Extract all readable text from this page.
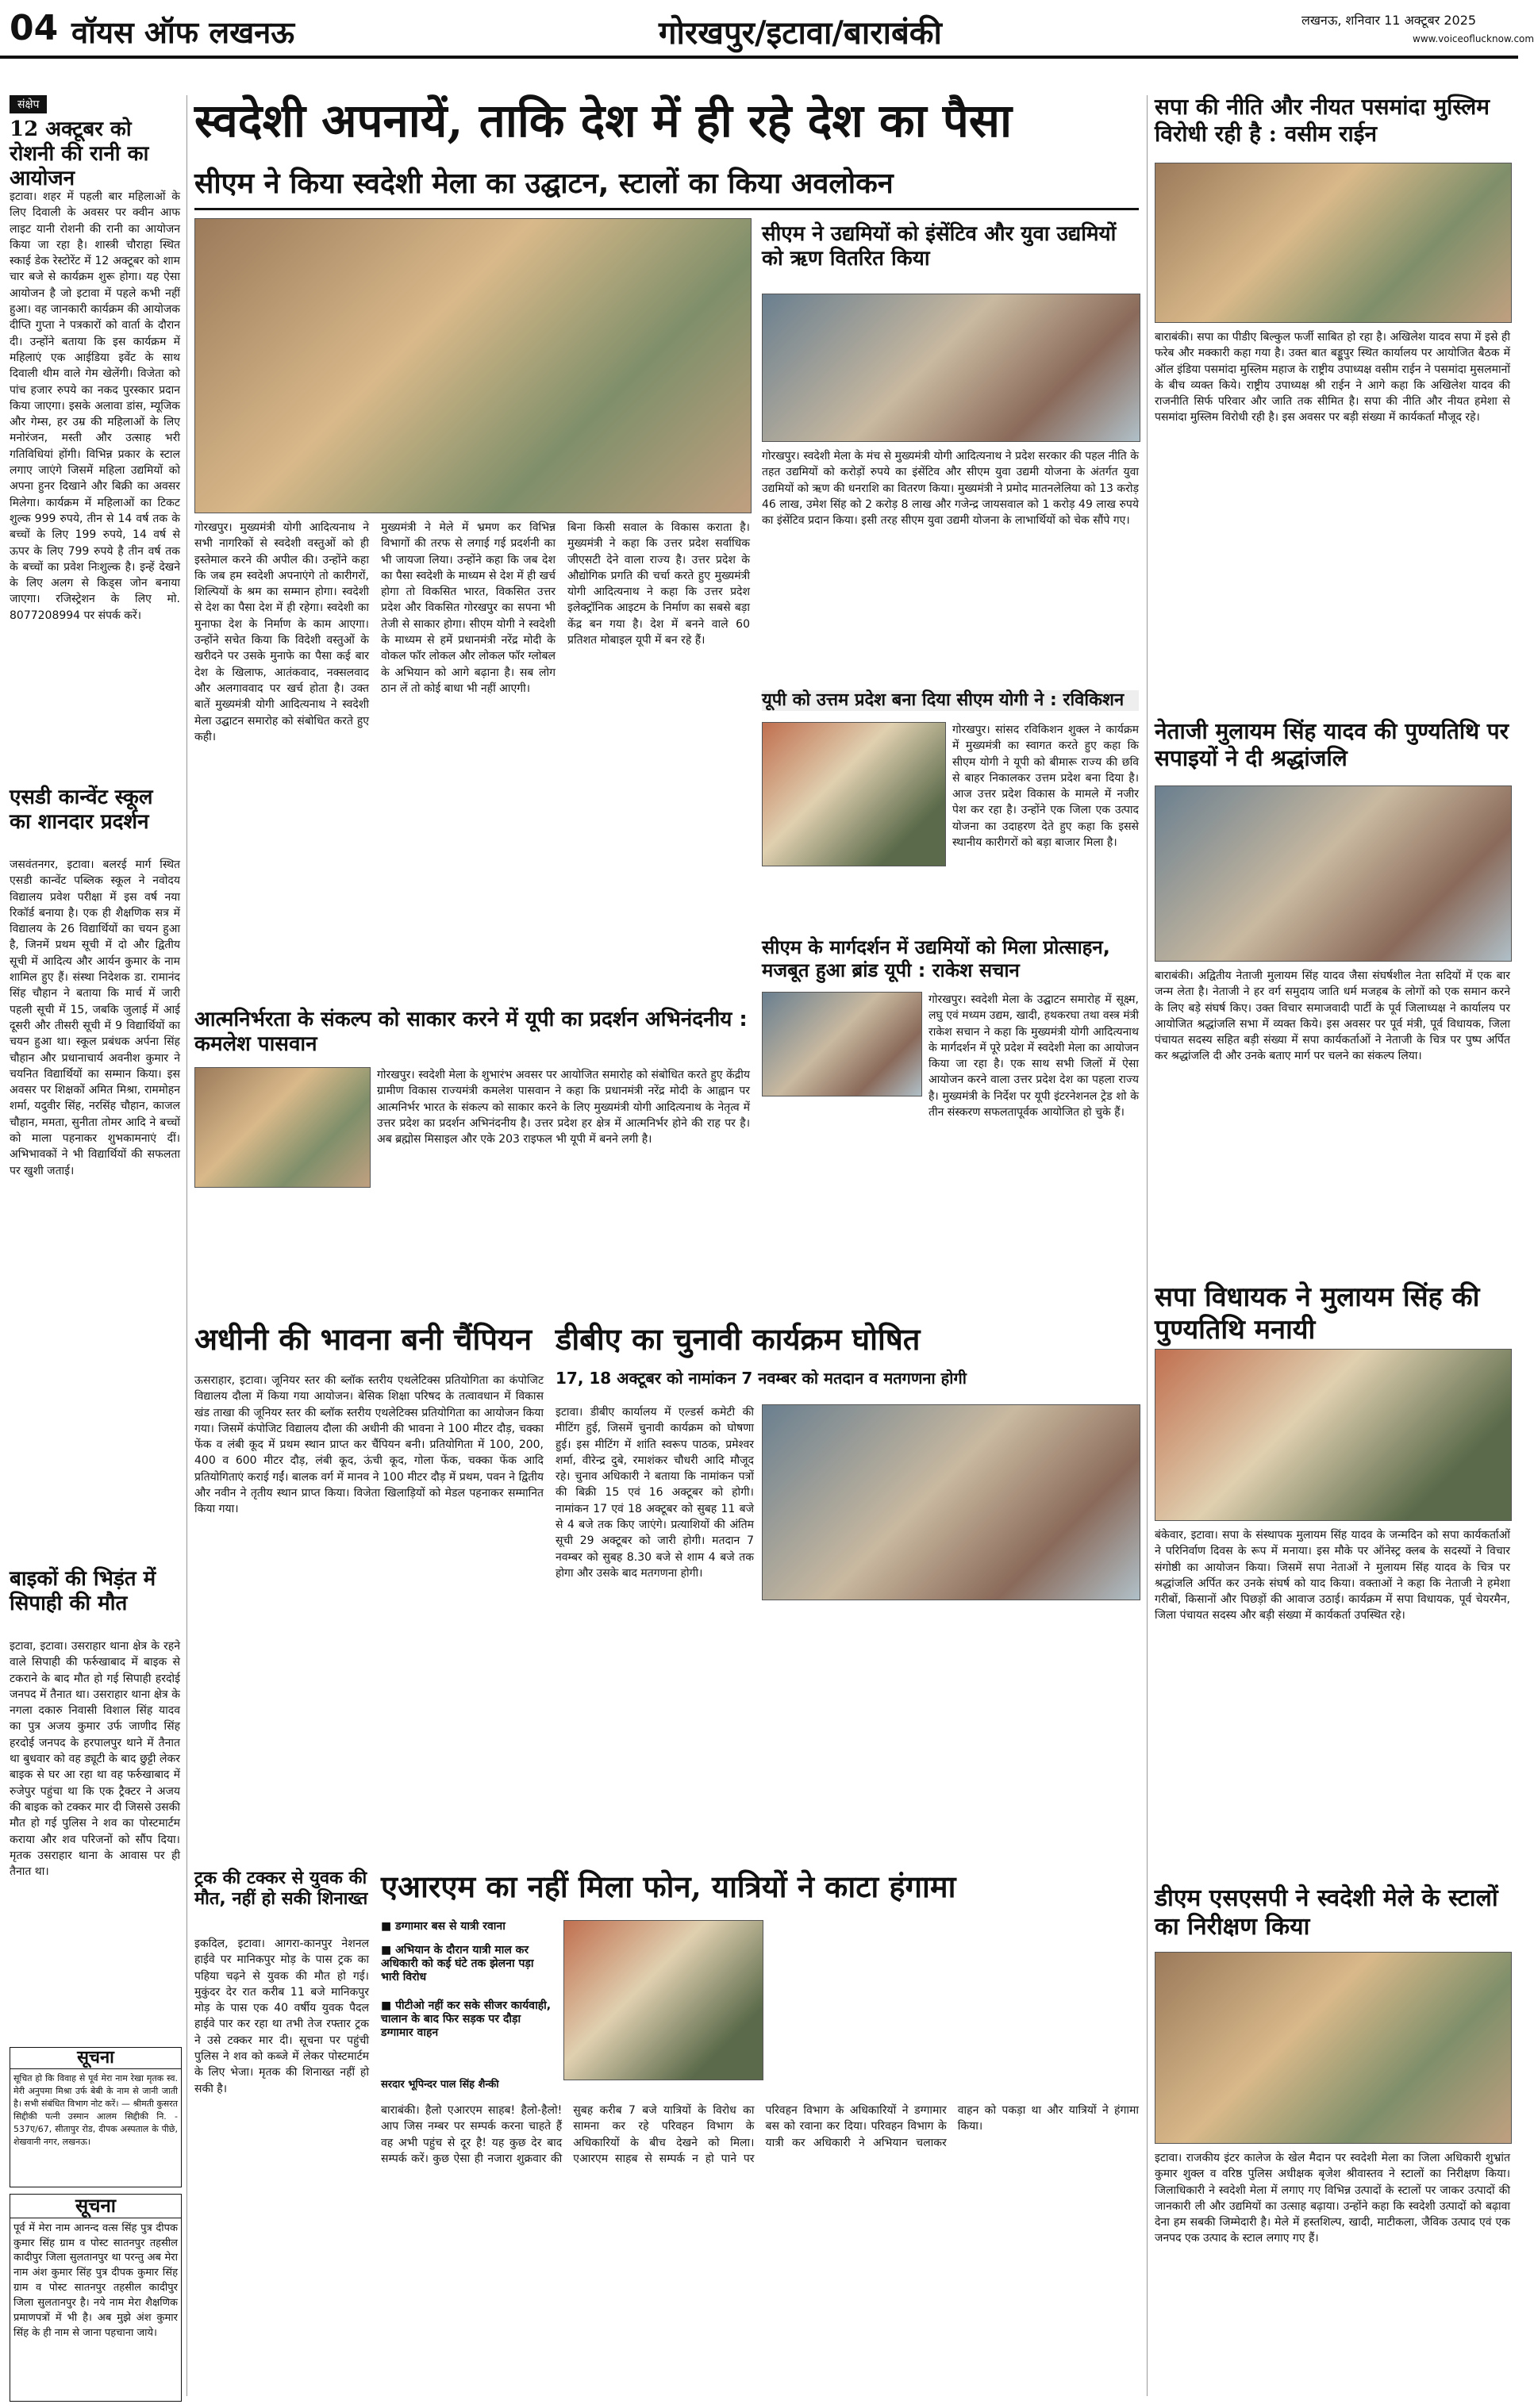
04 वॉयस ऑफ लखनऊ	गोरखपुर/इटावा/बाराबंकी	लखनऊ, शनिवार 11 अक्टूबर 2025
www.voiceoflucknow.com
संक्षेप
12 अक्टूबर को रोशनी की रानी का आयोजन
इटावा। शहर में पहली बार महिलाओं के लिए दिवाली के अवसर पर क्वीन आफ लाइट यानी रोशनी की रानी का आयोजन किया जा रहा है। शास्त्री चौराहा स्थित स्काई डेक रेस्टोरेंट में 12 अक्टूबर को शाम चार बजे से कार्यक्रम शुरू होगा। यह ऐसा आयोजन है जो इटावा में पहले कभी नहीं हुआ। वह जानकारी कार्यक्रम की आयोजक दीप्ति गुप्ता ने पत्रकारों को वार्ता के दौरान दी। उन्होंने बताया कि इस कार्यक्रम में महिलाएं एक आईडिया इवेंट के साथ दिवाली थीम वाले गेम खेलेंगी। विजेता को पांच हजार रुपये का नकद पुरस्कार प्रदान किया जाएगा। इसके अलावा डांस, म्यूजिक और गेम्स, हर उम्र की महिलाओं के लिए मनोरंजन, मस्ती और उत्साह भरी गतिविधियां होंगी। विभिन्न प्रकार के स्टाल लगाए जाएंगे जिसमें महिला उद्यमियों को अपना हुनर दिखाने और बिक्री का अवसर मिलेगा। कार्यक्रम में महिलाओं का टिकट शुल्क 999 रुपये, तीन से 14 वर्ष तक के बच्चों के लिए 199 रुपये, 14 वर्ष से ऊपर के लिए 799 रुपये है तीन वर्ष तक के बच्चों का प्रवेश निःशुल्क है। इन्हें देखने के लिए अलग से किड्स जोन बनाया जाएगा। रजिस्ट्रेशन के लिए मो. 8077208994 पर संपर्क करें।
एसडी कान्वेंट स्कूल का शानदार प्रदर्शन
जसवंतनगर, इटावा। बलरई मार्ग स्थित एसडी कान्वेंट पब्लिक स्कूल ने नवोदय विद्यालय प्रवेश परीक्षा में इस वर्ष नया रिकॉर्ड बनाया है। एक ही शैक्षणिक सत्र में विद्यालय के 26 विद्यार्थियों का चयन हुआ है, जिनमें प्रथम सूची में दो और द्वितीय सूची में आदित्य और आर्यन कुमार के नाम शामिल हुए हैं। संस्था निदेशक डा. रामानंद सिंह चौहान ने बताया कि मार्च में जारी पहली सूची में 15, जबकि जुलाई में आई दूसरी और तीसरी सूची में 9 विद्यार्थियों का चयन हुआ था। स्कूल प्रबंधक अर्पना सिंह चौहान और प्रधानाचार्य अवनीश कुमार ने चयनित विद्यार्थियों का सम्मान किया। इस अवसर पर शिक्षकों अमित मिश्रा, राममोहन शर्मा, यदुवीर सिंह, नरसिंह चौहान, काजल चौहान, ममता, सुनीता तोमर आदि ने बच्चों को माला पहनाकर शुभकामनाएं दीं। अभिभावकों ने भी विद्यार्थियों की सफलता पर खुशी जताई।
बाइकों की भिड़ंत में सिपाही की मौत
इटावा, इटावा। उसराहार थाना क्षेत्र के रहने वाले सिपाही की फर्रुखाबाद में बाइक से टकराने के बाद मौत हो गई सिपाही हरदोई जनपद में तैनात था। उसराहार थाना क्षेत्र के नगला दकारु निवासी विशाल सिंह यादव का पुत्र अजय कुमार उर्फ जाणीद सिंह हरदोई जनपद के हरपालपुर थाने में तैनात था बुधवार को वह ड्यूटी के बाद छुट्टी लेकर बाइक से घर आ रहा था वह फर्रुखाबाद में रुजेपुर पहुंचा था कि एक ट्रैक्टर ने अजय की बाइक को टक्कर मार दी जिससे उसकी मौत हो गई पुलिस ने शव का पोस्टमार्टम कराया और शव परिजनों को सौंप दिया। मृतक उसराहार थाना के आवास पर ही तैनात था।
सूचना
सूचित हो कि विवाह से पूर्व मेरा नाम रेखा मृतक स्व. मेरी अनुपमा मिश्रा उर्फ बेबी के नाम से जानी जाती है। सभी संबंधित विभाग नोट करें। — श्रीमती कुसरत सिद्दीकी पत्नी उस्मान आलम सिद्दीकी नि. - 537ए/67, सीतापुर रोड, दीपक अस्पताल के पीछे, शेखवानी नगर, लखनऊ।
सूचना
पूर्व में मेरा नाम आनन्द वत्स सिंह पुत्र दीपक कुमार सिंह ग्राम व पोस्ट सातनपुर तहसील कादीपुर जिला सुलतानपुर था परन्तु अब मेरा नाम अंश कुमार सिंह पुत्र दीपक कुमार सिंह ग्राम व पोस्ट सातनपुर तहसील कादीपुर जिला सुलतानपुर है। नये नाम मेरा शैक्षणिक प्रमाणपत्रों में भी है। अब मुझे अंश कुमार सिंह के ही नाम से जाना पहचाना जाये।
स्वदेशी अपनायें, ताकि देश में ही रहे देश का पैसा
सीएम ने किया स्वदेशी मेला का उद्घाटन, स्टालों का किया अवलोकन
गोरखपुर। मुख्यमंत्री योगी आदित्यनाथ ने सभी नागरिकों से स्वदेशी वस्तुओं को ही इस्तेमाल करने की अपील की। उन्होंने कहा कि जब हम स्वदेशी अपनाएंगे तो कारीगरों, शिल्पियों के श्रम का सम्मान होगा। स्वदेशी से देश का पैसा देश में ही रहेगा। स्वदेशी का मुनाफा देश के निर्माण के काम आएगा। उन्होंने सचेत किया कि विदेशी वस्तुओं के खरीदने पर उसके मुनाफे का पैसा कई बार देश के खिलाफ, आतंकवाद, नक्सलवाद और अलगाववाद पर खर्च होता है। उक्त बातें मुख्यमंत्री योगी आदित्यनाथ ने स्वदेशी मेला उद्घाटन समारोह को संबोधित करते हुए कही।
मुख्यमंत्री ने मेले में भ्रमण कर विभिन्न विभागों की तरफ से लगाई गई प्रदर्शनी का भी जायजा लिया। उन्होंने कहा कि जब देश का पैसा स्वदेशी के माध्यम से देश में ही खर्च होगा तो विकसित भारत, विकसित उत्तर प्रदेश और विकसित गोरखपुर का सपना भी तेजी से साकार होगा। सीएम योगी ने स्वदेशी के माध्यम से हमें प्रधानमंत्री नरेंद्र मोदी के वोकल फॉर लोकल और लोकल फॉर ग्लोबल के अभियान को आगे बढ़ाना है। सब लोग ठान लें तो कोई बाधा भी नहीं आएगी।
बिना किसी सवाल के विकास कराता है। मुख्यमंत्री ने कहा कि उत्तर प्रदेश सर्वाधिक जीएसटी देने वाला राज्य है। उत्तर प्रदेश के औद्योगिक प्रगति की चर्चा करते हुए मुख्यमंत्री योगी आदित्यनाथ ने कहा कि उत्तर प्रदेश इलेक्ट्रॉनिक आइटम के निर्माण का सबसे बड़ा केंद्र बन गया है। देश में बनने वाले 60 प्रतिशत मोबाइल यूपी में बन रहे हैं।
सीएम ने उद्यमियों को इंसेंटिव और युवा उद्यमियों को ऋण वितरित किया
गोरखपुर। स्वदेशी मेला के मंच से मुख्यमंत्री योगी आदित्यनाथ ने प्रदेश सरकार की पहल नीति के तहत उद्यमियों को करोड़ों रुपये का इंसेंटिव और सीएम युवा उद्यमी योजना के अंतर्गत युवा उद्यमियों को ऋण की धनराशि का वितरण किया। मुख्यमंत्री ने प्रमोद मातनलेलिया को 13 करोड़ 46 लाख, उमेश सिंह को 2 करोड़ 8 लाख और गजेन्द्र जायसवाल को 1 करोड़ 49 लाख रुपये का इंसेंटिव प्रदान किया। इसी तरह सीएम युवा उद्यमी योजना के लाभार्थियों को चेक सौंपे गए।
यूपी को उत्तम प्रदेश बना दिया सीएम योगी ने : रविकिशन
गोरखपुर। सांसद रविकिशन शुक्ल ने कार्यक्रम में मुख्यमंत्री का स्वागत करते हुए कहा कि सीएम योगी ने यूपी को बीमारू राज्य की छवि से बाहर निकालकर उत्तम प्रदेश बना दिया है। आज उत्तर प्रदेश विकास के मामले में नजीर पेश कर रहा है। उन्होंने एक जिला एक उत्पाद योजना का उदाहरण देते हुए कहा कि इससे स्थानीय कारीगरों को बड़ा बाजार मिला है।
सीएम के मार्गदर्शन में उद्यमियों को मिला प्रोत्साहन, मजबूत हुआ ब्रांड यूपी : राकेश सचान
गोरखपुर। स्वदेशी मेला के उद्घाटन समारोह में सूक्ष्म, लघु एवं मध्यम उद्यम, खादी, हथकरघा तथा वस्त्र मंत्री राकेश सचान ने कहा कि मुख्यमंत्री योगी आदित्यनाथ के मार्गदर्शन में पूरे प्रदेश में स्वदेशी मेला का आयोजन किया जा रहा है। एक साथ सभी जिलों में ऐसा आयोजन करने वाला उत्तर प्रदेश देश का पहला राज्य है। मुख्यमंत्री के निर्देश पर यूपी इंटरनेशनल ट्रेड शो के तीन संस्करण सफलतापूर्वक आयोजित हो चुके हैं।
आत्मनिर्भरता के संकल्प को साकार करने में यूपी का प्रदर्शन अभिनंदनीय : कमलेश पासवान
गोरखपुर। स्वदेशी मेला के शुभारंभ अवसर पर आयोजित समारोह को संबोधित करते हुए केंद्रीय ग्रामीण विकास राज्यमंत्री कमलेश पासवान ने कहा कि प्रधानमंत्री नरेंद्र मोदी के आह्वान पर आत्मनिर्भर भारत के संकल्प को साकार करने के लिए मुख्यमंत्री योगी आदित्यनाथ के नेतृत्व में उत्तर प्रदेश का प्रदर्शन अभिनंदनीय है। उत्तर प्रदेश हर क्षेत्र में आत्मनिर्भर होने की राह पर है। अब ब्रह्मोस मिसाइल और एके 203 राइफल भी यूपी में बनने लगी है।
अधीनी की भावना बनी चैंपियन
ऊसराहार, इटावा। जूनियर स्तर की ब्लॉक स्तरीय एथलेटिक्स प्रतियोगिता का कंपोजिट विद्यालय दौला में किया गया आयोजन। बेसिक शिक्षा परिषद के तत्वावधान में विकास खंड ताखा की जूनियर स्तर की ब्लॉक स्तरीय एथलेटिक्स प्रतियोगिता का आयोजन किया गया। जिसमें कंपोजिट विद्यालय दौला की अधीनी की भावना ने 100 मीटर दौड़, चक्का फेंक व लंबी कूद में प्रथम स्थान प्राप्त कर चैंपियन बनी। प्रतियोगिता में 100, 200, 400 व 600 मीटर दौड़, लंबी कूद, ऊंची कूद, गोला फेंक, चक्का फेंक आदि प्रतियोगिताएं कराई गईं। बालक वर्ग में मानव ने 100 मीटर दौड़ में प्रथम, पवन ने द्वितीय और नवीन ने तृतीय स्थान प्राप्त किया। विजेता खिलाड़ियों को मेडल पहनाकर सम्मानित किया गया।
डीबीए का चुनावी कार्यक्रम घोषित
17, 18 अक्टूबर को नामांकन 7 नवम्बर को मतदान व मतगणना होगी
इटावा। डीबीए कार्यालय में एल्डर्स कमेटी की मीटिंग हुई, जिसमें चुनावी कार्यक्रम को घोषणा हुई। इस मीटिंग में शांति स्वरूप पाठक, प्रमेश्वर शर्मा, वीरेन्द्र दुबे, रमाशंकर चौधरी आदि मौजूद रहे। चुनाव अधिकारी ने बताया कि नामांकन पत्रों की बिक्री 15 एवं 16 अक्टूबर को होगी। नामांकन 17 एवं 18 अक्टूबर को सुबह 11 बजे से 4 बजे तक किए जाएंगे। प्रत्याशियों की अंतिम सूची 29 अक्टूबर को जारी होगी। मतदान 7 नवम्बर को सुबह 8.30 बजे से शाम 4 बजे तक होगा और उसके बाद मतगणना होगी।
ट्रक की टक्कर से युवक की मौत, नहीं हो सकी शिनाख्त
इकदिल, इटावा। आगरा-कानपुर नेशनल हाईवे पर मानिकपुर मोड़ के पास ट्रक का पहिया चढ़ने से युवक की मौत हो गई। मुकुंदर देर रात करीब 11 बजे मानिकपुर मोड़ के पास एक 40 वर्षीय युवक पैदल हाईवे पार कर रहा था तभी तेज रफ्तार ट्रक ने उसे टक्कर मार दी। सूचना पर पहुंची पुलिस ने शव को कब्जे में लेकर पोस्टमार्टम के लिए भेजा। मृतक की शिनाख्त नहीं हो सकी है।
एआरएम का नहीं मिला फोन, यात्रियों ने काटा हंगामा
■ डग्गामार बस से यात्री रवाना
■ अभियान के दौरान यात्री माल कर अधिकारी को कई घंटे तक झेलना पड़ा भारी विरोध
■ पीटीओ नहीं कर सके सीजर कार्यवाही, चालान के बाद फिर सड़क पर दौड़ा डग्गामार वाहन
सरदार भूपिन्दर पाल सिंह शैन्की
बाराबंकी। हैलो एआरएम साहब! हैलो-हैलो! आप जिस नम्बर पर सम्पर्क करना चाहते हैं वह अभी पहुंच से दूर है! यह कुछ देर बाद सम्पर्क करें। कुछ ऐसा ही नजारा शुक्रवार की सुबह करीब 7 बजे यात्रियों के विरोध का सामना कर रहे परिवहन विभाग के अधिकारियों के बीच देखने को मिला। एआरएम साहब से सम्पर्क न हो पाने पर परिवहन विभाग के अधिकारियों ने डग्गामार बस को रवाना कर दिया। परिवहन विभाग के यात्री कर अधिकारी ने अभियान चलाकर वाहन को पकड़ा था और यात्रियों ने हंगामा किया।
सपा की नीति और नीयत पसमांदा मुस्लिम विरोधी रही है : वसीम राईन
बाराबंकी। सपा का पीडीए बिल्कुल फर्जी साबित हो रहा है। अखिलेश यादव सपा में इसे ही फरेब और मक्कारी कहा गया है। उक्त बात बड्डूपुर स्थित कार्यालय पर आयोजित बैठक में ऑल इंडिया पसमांदा मुस्लिम महाज के राष्ट्रीय उपाध्यक्ष वसीम राईन ने पसमांदा मुसलमानों के बीच व्यक्त किये। राष्ट्रीय उपाध्यक्ष श्री राईन ने आगे कहा कि अखिलेश यादव की राजनीति सिर्फ परिवार और जाति तक सीमित है। सपा की नीति और नीयत हमेशा से पसमांदा मुस्लिम विरोधी रही है। इस अवसर पर बड़ी संख्या में कार्यकर्ता मौजूद रहे।
नेताजी मुलायम सिंह यादव की पुण्यतिथि पर सपाइयों ने दी श्रद्धांजलि
बाराबंकी। अद्वितीय नेताजी मुलायम सिंह यादव जैसा संघर्षशील नेता सदियों में एक बार जन्म लेता है। नेताजी ने हर वर्ग समुदाय जाति धर्म मजहब के लोगों को एक समान करने के लिए बड़े संघर्ष किए। उक्त विचार समाजवादी पार्टी के पूर्व जिलाध्यक्ष ने कार्यालय पर आयोजित श्रद्धांजलि सभा में व्यक्त किये। इस अवसर पर पूर्व मंत्री, पूर्व विधायक, जिला पंचायत सदस्य सहित बड़ी संख्या में सपा कार्यकर्ताओं ने नेताजी के चित्र पर पुष्प अर्पित कर श्रद्धांजलि दी और उनके बताए मार्ग पर चलने का संकल्प लिया।
सपा विधायक ने मुलायम सिंह की पुण्यतिथि मनायी
बंकेवार, इटावा। सपा के संस्थापक मुलायम सिंह यादव के जन्मदिन को सपा कार्यकर्ताओं ने परिनिर्वाण दिवस के रूप में मनाया। इस मौके पर ऑनेस्ट्र क्लब के सदस्यों ने विचार संगोष्ठी का आयोजन किया। जिसमें सपा नेताओं ने मुलायम सिंह यादव के चित्र पर श्रद्धांजलि अर्पित कर उनके संघर्ष को याद किया। वक्ताओं ने कहा कि नेताजी ने हमेशा गरीबों, किसानों और पिछड़ों की आवाज उठाई। कार्यक्रम में सपा विधायक, पूर्व चेयरमैन, जिला पंचायत सदस्य और बड़ी संख्या में कार्यकर्ता उपस्थित रहे।
डीएम एसएसपी ने स्वदेशी मेले के स्टालों का निरीक्षण किया
इटावा। राजकीय इंटर कालेज के खेल मैदान पर स्वदेशी मेला का जिला अधिकारी शुभ्रांत कुमार शुक्ल व वरिष्ठ पुलिस अधीक्षक बृजेश श्रीवास्तव ने स्टालों का निरीक्षण किया। जिलाधिकारी ने स्वदेशी मेला में लगाए गए विभिन्न उत्पादों के स्टालों पर जाकर उत्पादों की जानकारी ली और उद्यमियों का उत्साह बढ़ाया। उन्होंने कहा कि स्वदेशी उत्पादों को बढ़ावा देना हम सबकी जिम्मेदारी है। मेले में हस्तशिल्प, खादी, माटीकला, जैविक उत्पाद एवं एक जनपद एक उत्पाद के स्टाल लगाए गए हैं।
